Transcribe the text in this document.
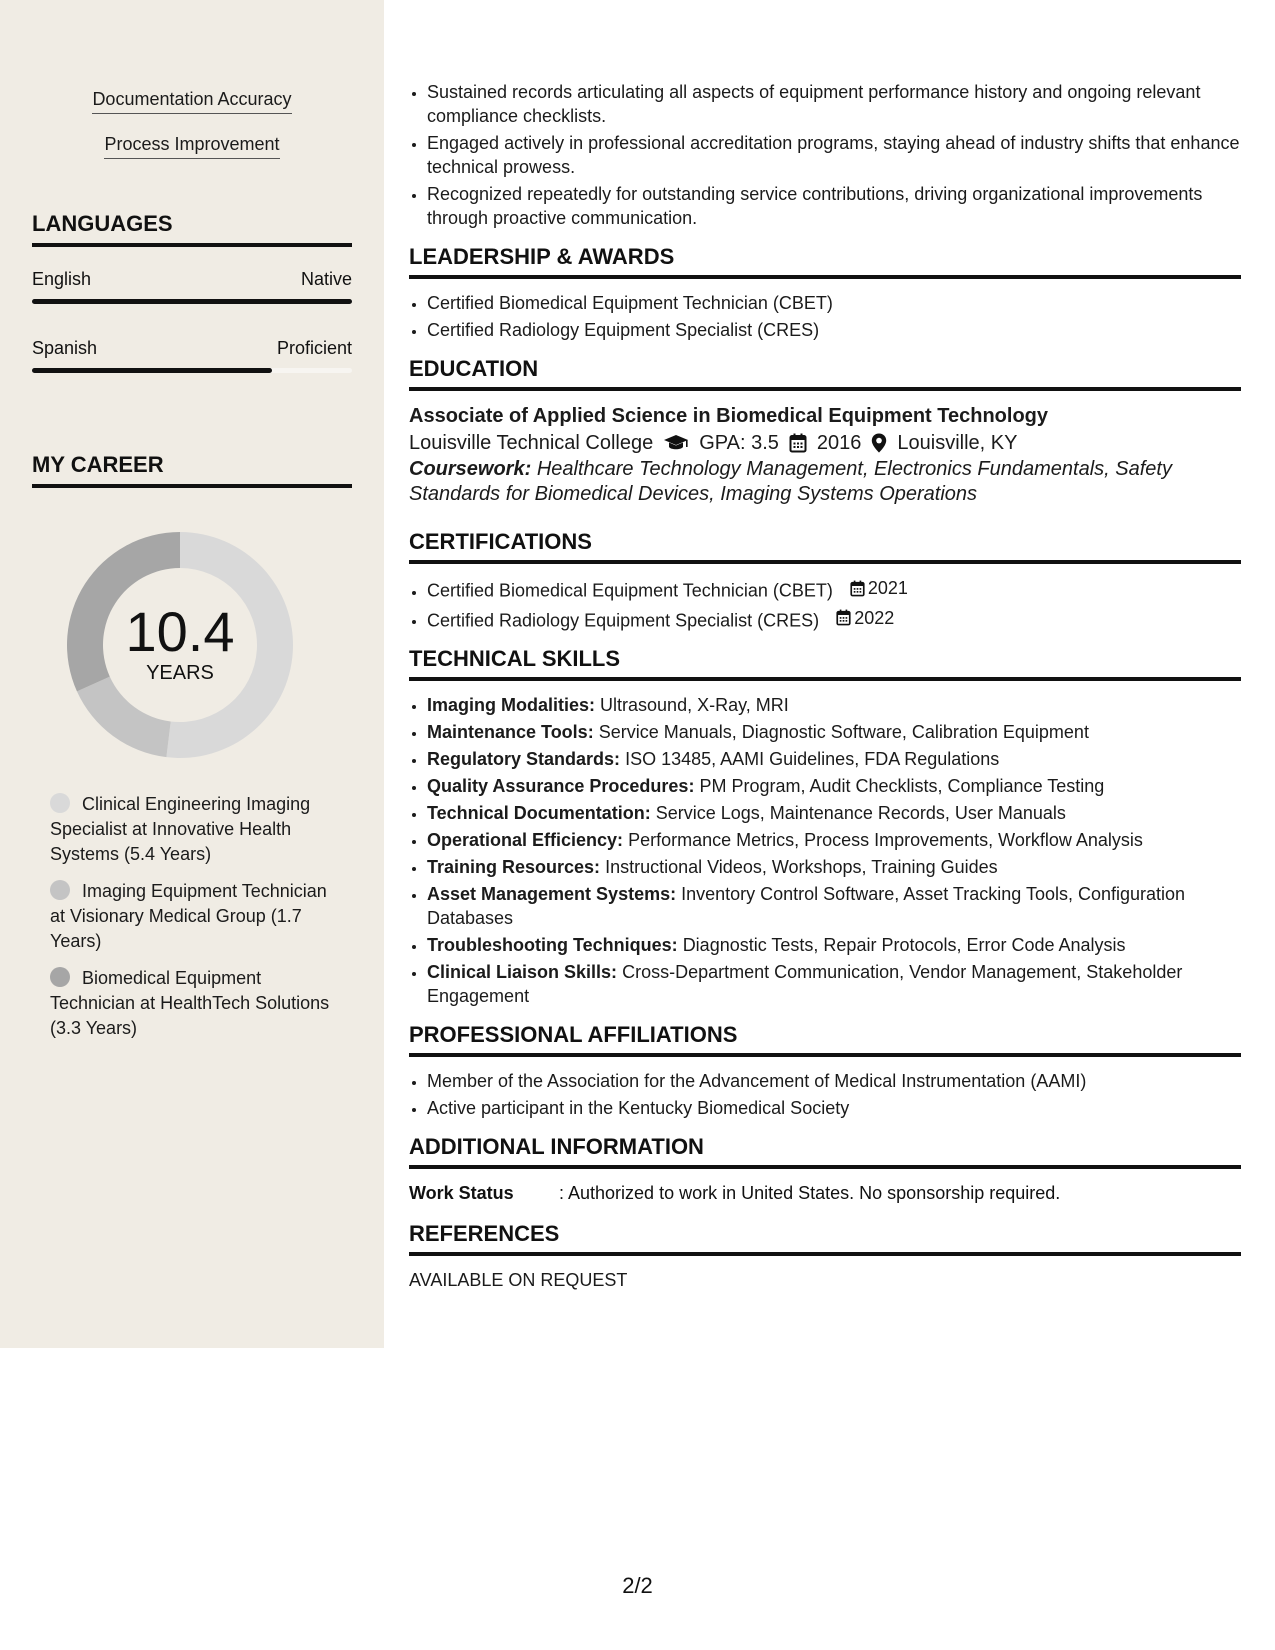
Documentation Accuracy
Process Improvement
LANGUAGES
English	Native
Spanish	Proficient
MY CAREER
10.4
YEARS
Clinical Engineering Imaging Specialist at Innovative Health Systems (5.4 Years)
Imaging Equipment Technician at Visionary Medical Group (1.7 Years)
Biomedical Equipment Technician at HealthTech Solutions (3.3 Years)
• Sustained records articulating all aspects of equipment performance history and ongoing relevant compliance checklists.
• Engaged actively in professional accreditation programs, staying ahead of industry shifts that enhance technical prowess.
• Recognized repeatedly for outstanding service contributions, driving organizational improvements through proactive communication.
LEADERSHIP & AWARDS
• Certified Biomedical Equipment Technician (CBET)
• Certified Radiology Equipment Specialist (CRES)
EDUCATION
Associate of Applied Science in Biomedical Equipment Technology
Louisville Technical College GPA: 3.5 2016 Louisville, KY
Coursework: Healthcare Technology Management, Electronics Fundamentals, Safety Standards for Biomedical Devices, Imaging Systems Operations
CERTIFICATIONS
• Certified Biomedical Equipment Technician (CBET) 2021
• Certified Radiology Equipment Specialist (CRES) 2022
TECHNICAL SKILLS
• Imaging Modalities: Ultrasound, X-Ray, MRI
• Maintenance Tools: Service Manuals, Diagnostic Software, Calibration Equipment
• Regulatory Standards: ISO 13485, AAMI Guidelines, FDA Regulations
• Quality Assurance Procedures: PM Program, Audit Checklists, Compliance Testing
• Technical Documentation: Service Logs, Maintenance Records, User Manuals
• Operational Efficiency: Performance Metrics, Process Improvements, Workflow Analysis
• Training Resources: Instructional Videos, Workshops, Training Guides
• Asset Management Systems: Inventory Control Software, Asset Tracking Tools, Configuration Databases
• Troubleshooting Techniques: Diagnostic Tests, Repair Protocols, Error Code Analysis
• Clinical Liaison Skills: Cross-Department Communication, Vendor Management, Stakeholder Engagement
PROFESSIONAL AFFILIATIONS
• Member of the Association for the Advancement of Medical Instrumentation (AAMI)
• Active participant in the Kentucky Biomedical Society
ADDITIONAL INFORMATION
Work Status	: Authorized to work in United States. No sponsorship required.
REFERENCES
AVAILABLE ON REQUEST
2/2
